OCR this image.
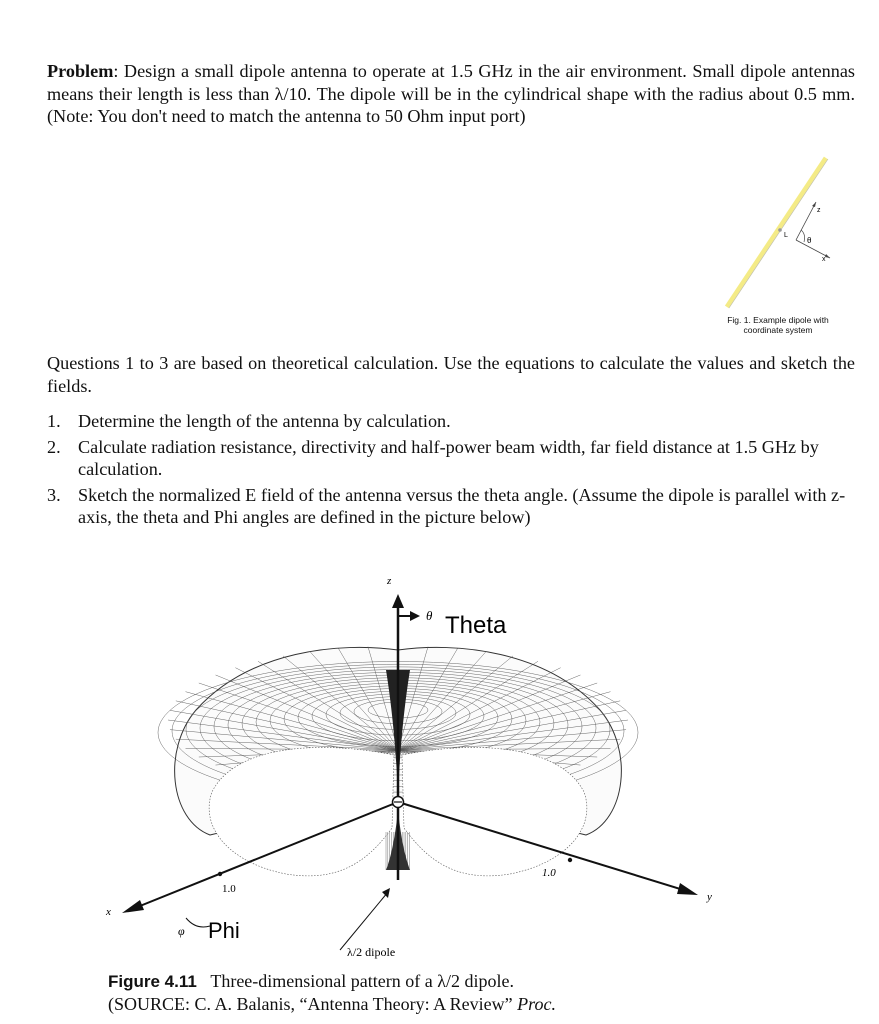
Problem: Design a small dipole antenna to operate at 1.5 GHz in the air environment. Small dipole antennas means their length is less than λ/10. The dipole will be in the cylindrical shape with the radius about 0.5 mm. (Note: You don't need to match the antenna to 50 Ohm input port)
z
L
θ
x
Fig. 1. Example dipole with
coordinate system
Questions 1 to 3 are based on theoretical calculation. Use the equations to calculate the values and sketch the fields.
1. Determine the length of the antenna by calculation.
2. Calculate radiation resistance, directivity and half-power beam width, far field distance at 1.5 GHz by calculation.
3. Sketch the normalized E field of the antenna versus the theta angle. (Assume the dipole is parallel with z-axis, the theta and Phi angles are defined in the picture below)
z
θ Theta
x
y
φ Phi
1.0
1.0
λ/2 dipole
Figure 4.11 Three-dimensional pattern of a λ/2 dipole.
(SOURCE: C. A. Balanis, “Antenna Theory: A Review” Proc.
